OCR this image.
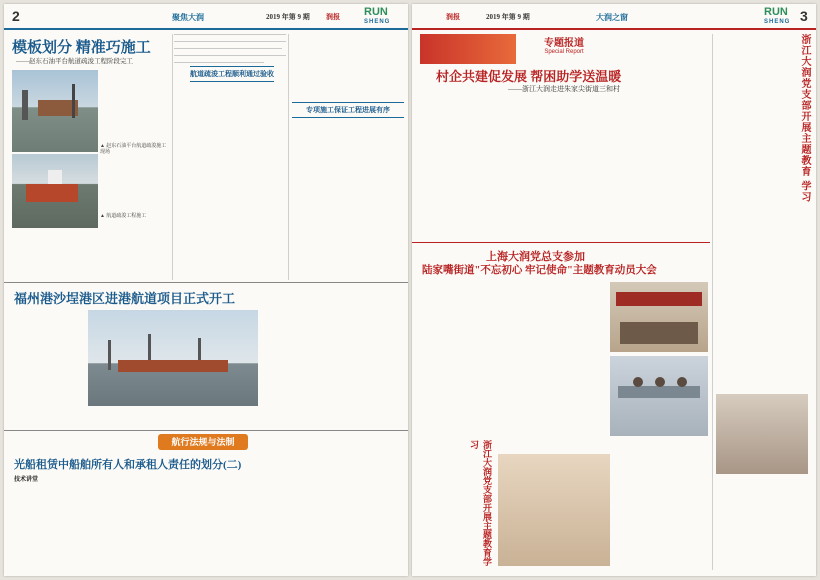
2	聚焦大润	2019 年第 9 期 润报 RUN
SHENG
模板划分 精准巧施工
——赵东石油平台航道疏浚工程阶段完工
▲ 赵东石油平台航道疏浚施工现场
▲ 航道疏浚工程施工
航道疏浚工程顺利通过验收
专项施工保证工程进展有序
福州港沙埕港区进港航道项目正式开工
航行法规与法制
光船租赁中船舶所有人和承租人责任的划分(二)
技术讲堂
润报	2019 年第 9 期	大润之窗	RUN
SHENG 3
专题报道
Special Report
村企共建促发展 帮困助学送温暖
——浙江大润走进朱家尖街道三和村	浙江大润党支部开展主题教育 学习
上海大润党总支参加
陆家嘴街道"不忘初心 牢记使命"主题教育动员大会
浙江大润党支部开展主题教育学习
